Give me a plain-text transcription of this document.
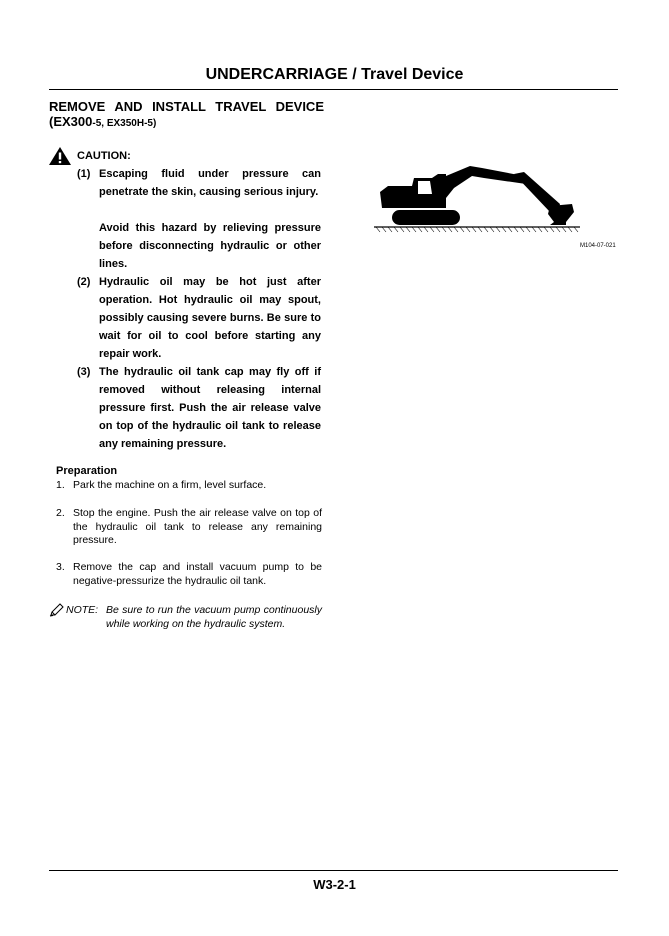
UNDERCARRIAGE / Travel Device
REMOVE AND INSTALL TRAVEL DEVICE
(EX300-5, EX350H-5)
CAUTION:
(1) Escaping fluid under pressure can penetrate the skin, causing serious injury.
Avoid this hazard by relieving pressure before disconnecting hydraulic or other lines.
(2) Hydraulic oil may be hot just after operation. Hot hydraulic oil may spout, possibly causing severe burns. Be sure to wait for oil to cool before starting any repair work.
(3) The hydraulic oil tank cap may fly off if removed without releasing internal pressure first. Push the air release valve on top of the hydraulic oil tank to release any remaining pressure.
Preparation
1. Park the machine on a firm, level surface.
2. Stop the engine. Push the air release valve on top of the hydraulic oil tank to release any remaining pressure.
3. Remove the cap and install vacuum pump to be negative-pressurize the hydraulic oil tank.
NOTE: Be sure to run the vacuum pump continuously while working on the hydraulic system.
M104-07-021
W3-2-1
